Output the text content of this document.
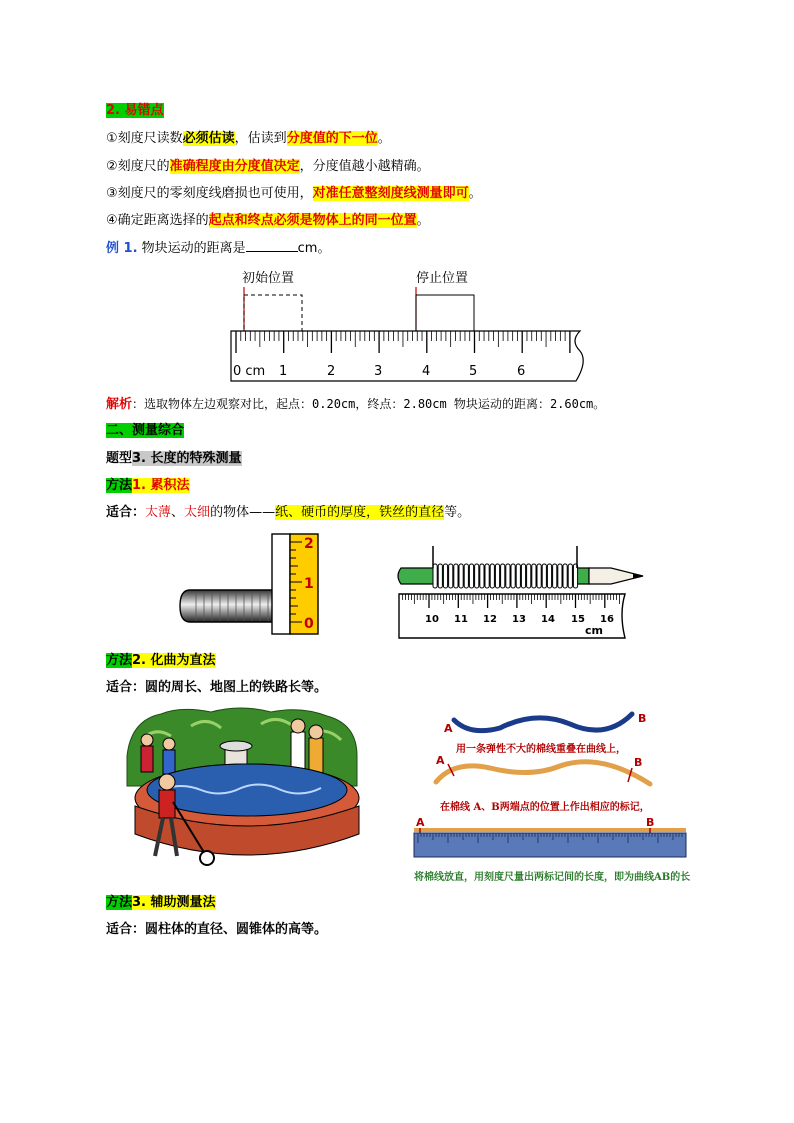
2. 易错点
①刻度尺读数必须估读，估读到分度值的下一位。
②刻度尺的准确程度由分度值决定，分度值越小越精确。
③刻度尺的零刻度线磨损也可使用，对准任意整刻度线测量即可。
④确定距离选择的起点和终点必须是物体上的同一位置。
例 1. 物块运动的距离是	cm。
初始位置	停止位置
0 cm 1	2	3	4	5	6
解析：选取物体左边观察对比，起点：0.20cm，终点：2.80cm 物块运动的距离：2.60cm。
二、测量综合
题型3. 长度的特殊测量
方法1. 累积法
适合：太薄、太细的物体——纸、硬币的厚度，铁丝的直径等。
2
1
0	10 11 12 13 14 15 16
cm
方法2. 化曲为直法
适合：圆的周长、地图上的铁路长等。
A
B
用一条弹性不大的棉线重叠在曲线上，
A	B
在棉线 A、B两端点的位置上作出相应的标记，
A	B
将棉线放直，用刻度尺量出两标记间的长度，即为曲线AB的长
方法3. 辅助测量法
适合：圆柱体的直径、圆锥体的高等。
